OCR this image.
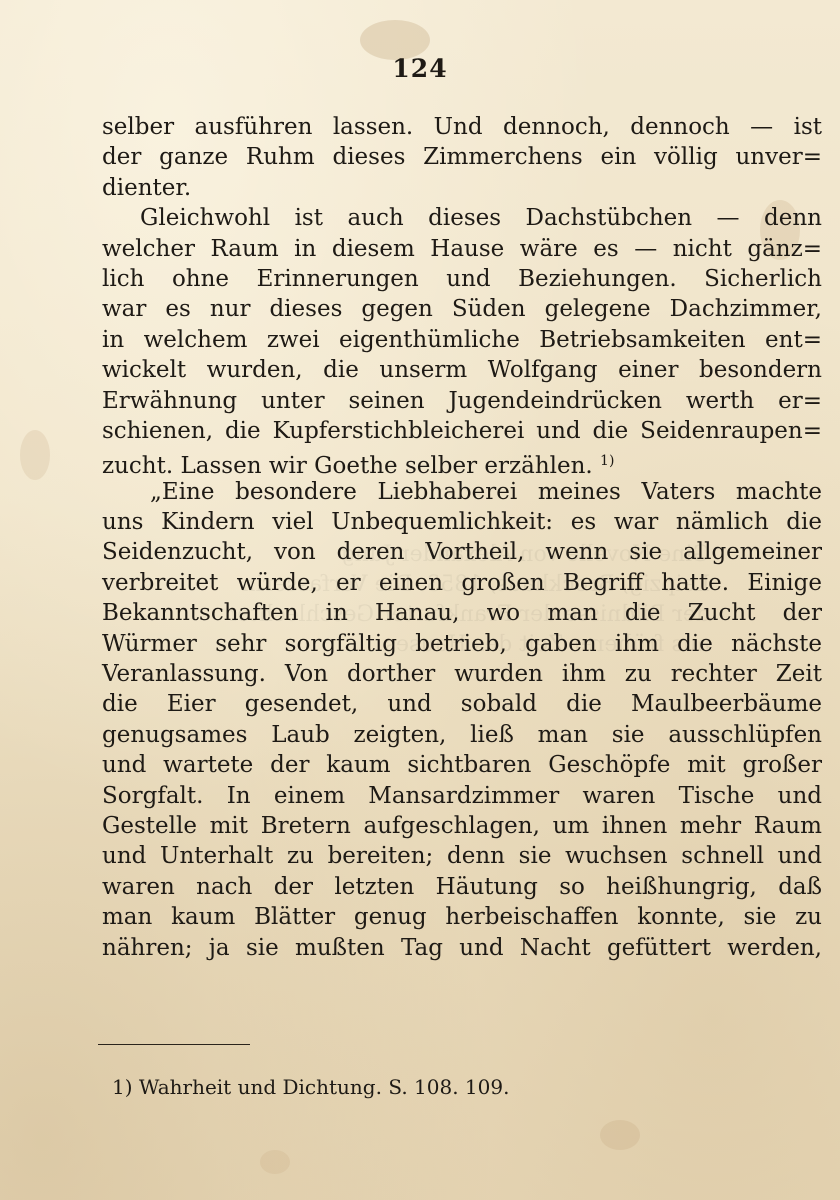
124
selber ausführen lassen. Und dennoch, dennoch — ist
der ganze Ruhm dieses Zimmerchens ein völlig unver=
dienter.
Gleichwohl ist auch dieses Dachstübchen — denn
welcher Raum in diesem Hause wäre es — nicht gänz=
lich ohne Erinnerungen und Beziehungen. Sicherlich
war es nur dieses gegen Süden gelegene Dachzimmer,
in welchem zwei eigenthümliche Betriebsamkeiten ent=
wickelt wurden, die unserm Wolfgang einer besondern
Erwähnung unter seinen Jugendeindrücken werth er=
schienen, die Kupferstichbleicherei und die Seidenraupen=
zucht. Lassen wir Goethe selber erzählen. $^{1)}$
„Eine besondere Liebhaberei meines Vaters machte
uns Kindern viel Unbequemlichkeit: es war nämlich die
Seidenzucht, von deren Vortheil, wenn sie allgemeiner
verbreitet würde, er einen großen Begriff hatte. Einige
Bekanntschaften in Hanau, wo man die Zucht der
Würmer sehr sorgfältig betrieb, gaben ihm die nächste
Veranlassung. Von dorther wurden ihm zu rechter Zeit
die Eier gesendet, und sobald die Maulbeerbäume
genugsames Laub zeigten, ließ man sie ausschlüpfen
und wartete der kaum sichtbaren Geschöpfe mit großer
Sorgfalt. In einem Mansardzimmer waren Tische und
Gestelle mit Bretern aufgeschlagen, um ihnen mehr Raum
und Unterhalt zu bereiten; denn sie wuchsen schnell und
waren nach der letzten Häutung so heißhungrig, daß
man kaum Blätter genug herbeischaffen konnte, sie zu
nähren; ja sie mußten Tag und Nacht gefüttert werden,
1) Wahrheit und Dichtung. S. 108. 109.
